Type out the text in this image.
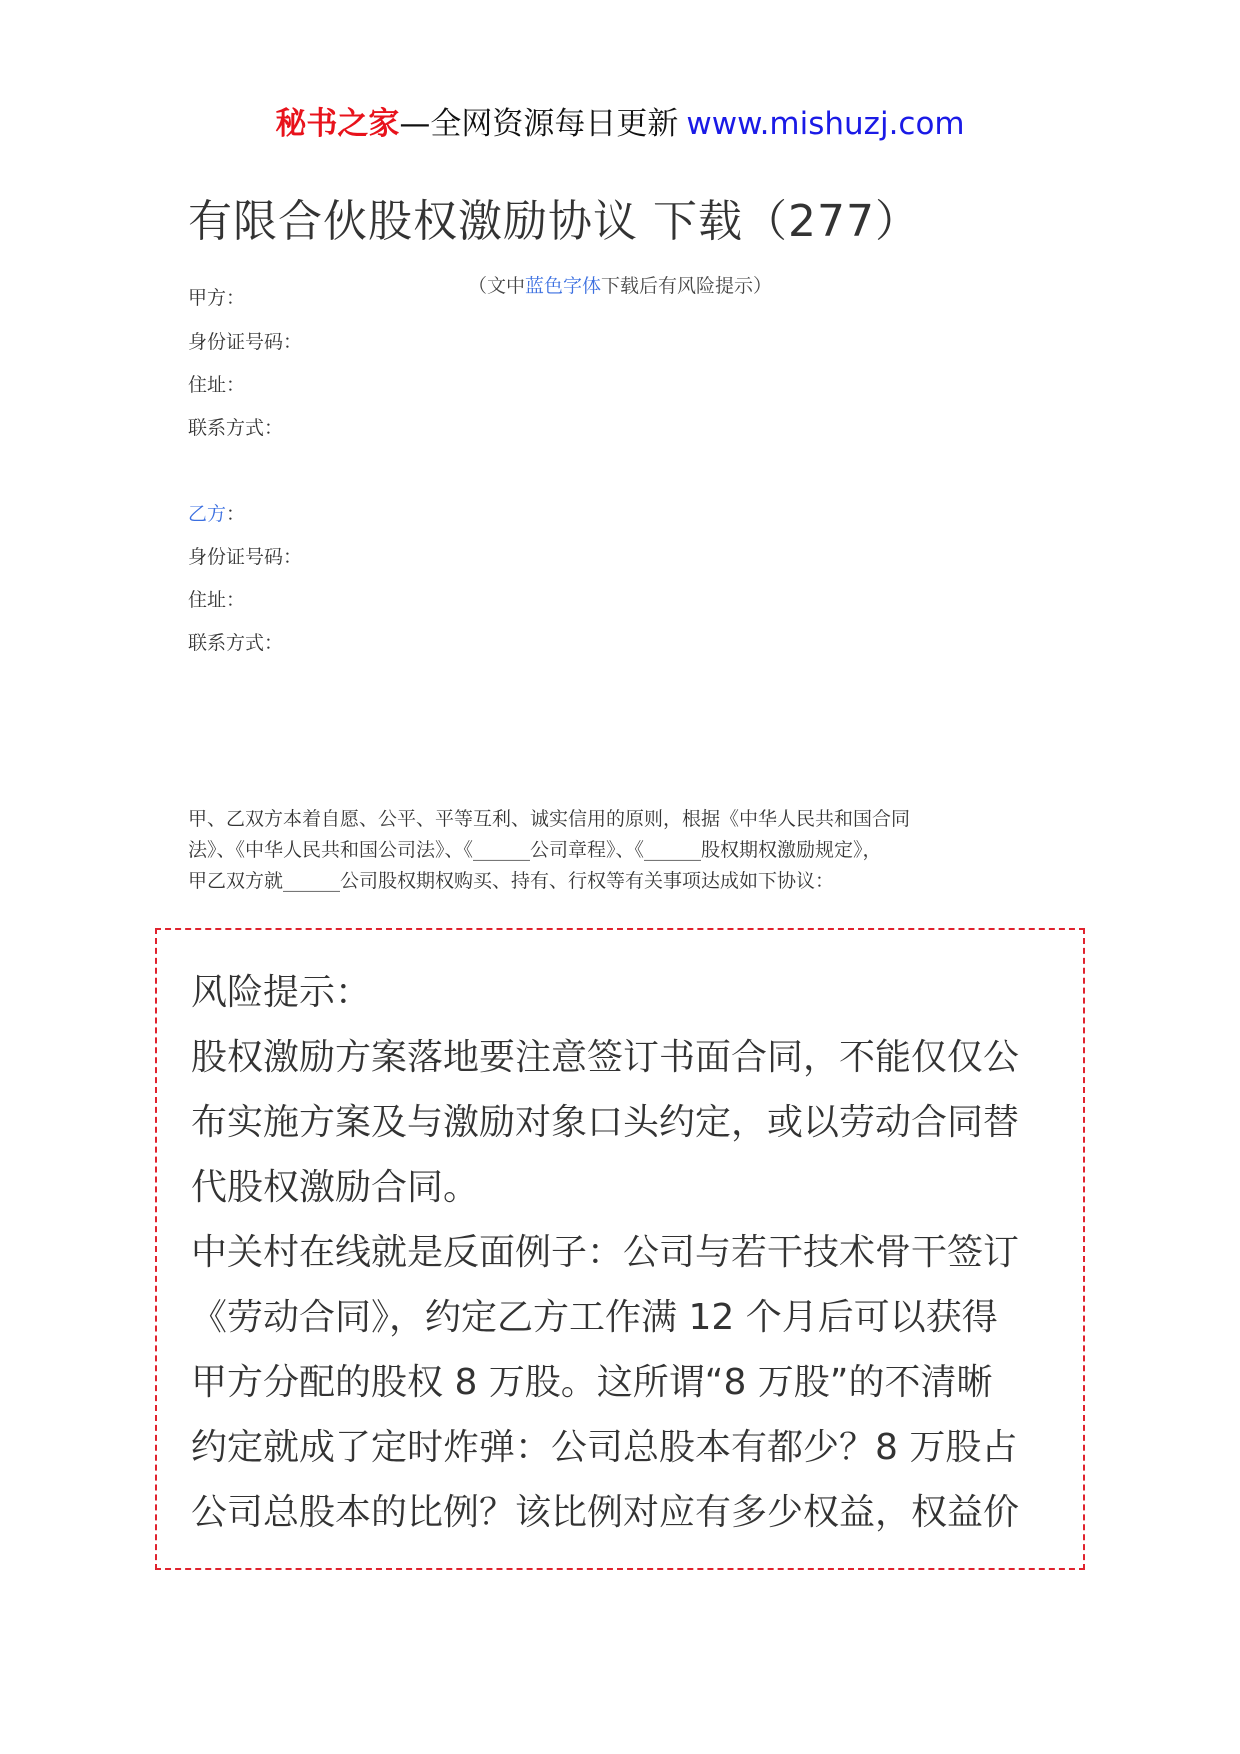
秘书之家—全网资源每日更新 www.mishuzj.com
有限合伙股权激励协议 下载（277）
（文中蓝色字体下载后有风险提示）
甲方：
身份证号码：
住址：
联系方式：
乙方：
身份证号码：
住址：
联系方式：
甲、乙双方本着自愿、公平、平等互利、诚实信用的原则，根据《中华人民共和国合同
法》、《中华人民共和国公司法》、《______公司章程》、《______股权期权激励规定》，
甲乙双方就______公司股权期权购买、持有、行权等有关事项达成如下协议：
风险提示：
股权激励方案落地要注意签订书面合同，不能仅仅公
布实施方案及与激励对象口头约定，或以劳动合同替
代股权激励合同。
中关村在线就是反面例子：公司与若干技术骨干签订
《劳动合同》，约定乙方工作满 12 个月后可以获得
甲方分配的股权 8 万股。这所谓“8 万股”的不清晰
约定就成了定时炸弹：公司总股本有都少？8 万股占
公司总股本的比例？该比例对应有多少权益，权益价
